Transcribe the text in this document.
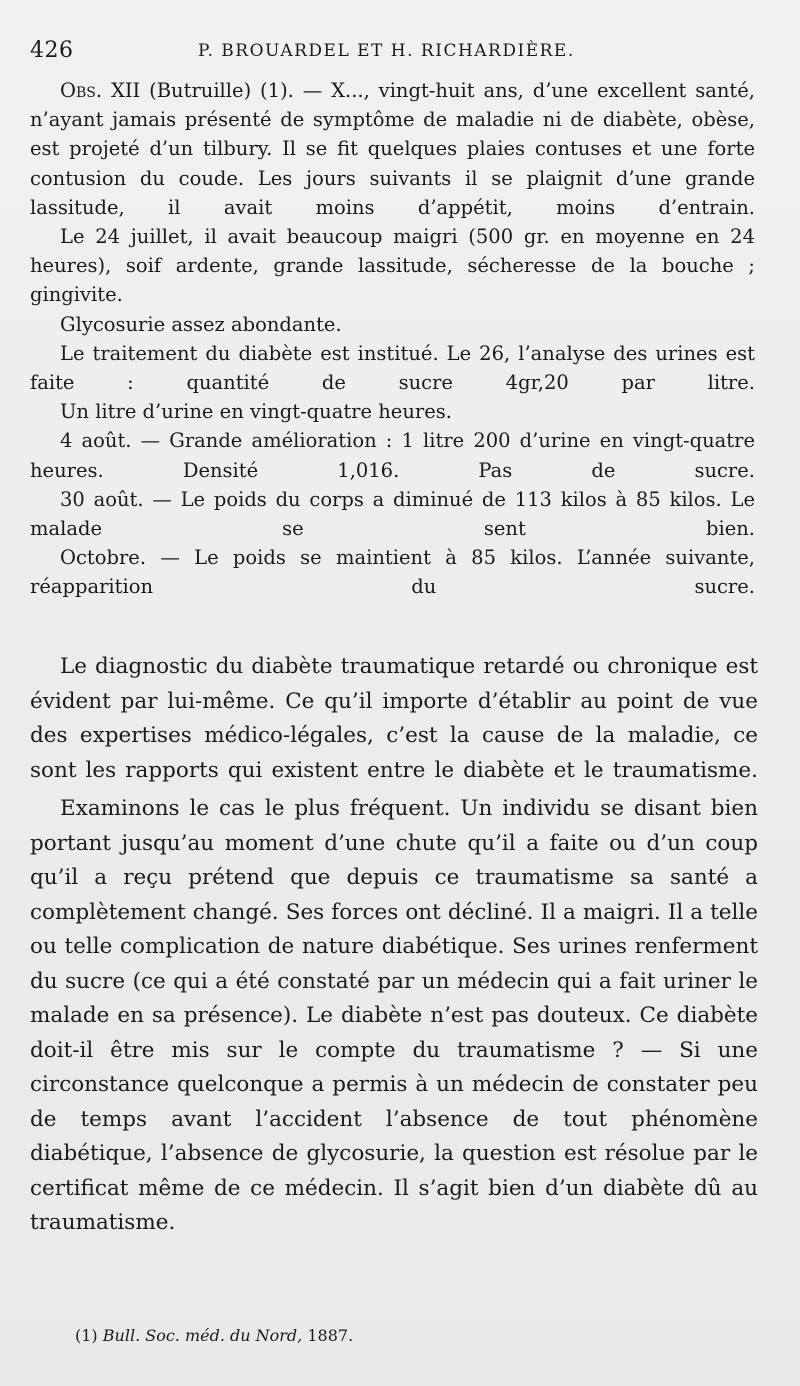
426	P. BROUARDEL ET H. RICHARDIÈRE.

Obs. XII (Butruille) (1). — X..., vingt-huit ans, d’une excellent santé, n’ayant jamais présenté de symptôme de maladie ni de diabète, obèse, est projeté d’un tilbury. Il se fit quelques plaies contuses et une forte contusion du coude. Les jours suivants il se plaignit d’une grande lassitude, il avait moins d’appétit, moins d’entrain.

Le 24 juillet, il avait beaucoup maigri (500 gr. en moyenne en 24 heures), soif ardente, grande lassitude, sécheresse de la bouche ; gingivite.

Glycosurie assez abondante.

Le traitement du diabète est institué. Le 26, l’analyse des urines est faite : quantité de sucre 4gr,20 par litre.

Un litre d’urine en vingt-quatre heures.

4 août. — Grande amélioration : 1 litre 200 d’urine en vingt-quatre heures. Densité 1,016. Pas de sucre.

30 août. — Le poids du corps a diminué de 113 kilos à 85 kilos. Le malade se sent bien.

Octobre. — Le poids se maintient à 85 kilos. L’année suivante, réapparition du sucre.

Le diagnostic du diabète traumatique retardé ou chronique est évident par lui-même. Ce qu’il importe d’établir au point de vue des expertises médico-légales, c’est la cause de la maladie, ce sont les rapports qui existent entre le diabète et le traumatisme.

Examinons le cas le plus fréquent. Un individu se disant bien portant jusqu’au moment d’une chute qu’il a faite ou d’un coup qu’il a reçu prétend que depuis ce traumatisme sa santé a complètement changé. Ses forces ont décliné. Il a maigri. Il a telle ou telle complication de nature diabétique. Ses urines renferment du sucre (ce qui a été constaté par un médecin qui a fait uriner le malade en sa présence). Le diabète n’est pas douteux. Ce diabète doit-il être mis sur le compte du traumatisme ? — Si une circonstance quelconque a permis à un médecin de constater peu de temps avant l’accident l’absence de tout phénomène diabétique, l’absence de glycosurie, la question est résolue par le certificat même de ce médecin. Il s’agit bien d’un diabète dû au traumatisme.

(1) Bull. Soc. méd. du Nord, 1887.
